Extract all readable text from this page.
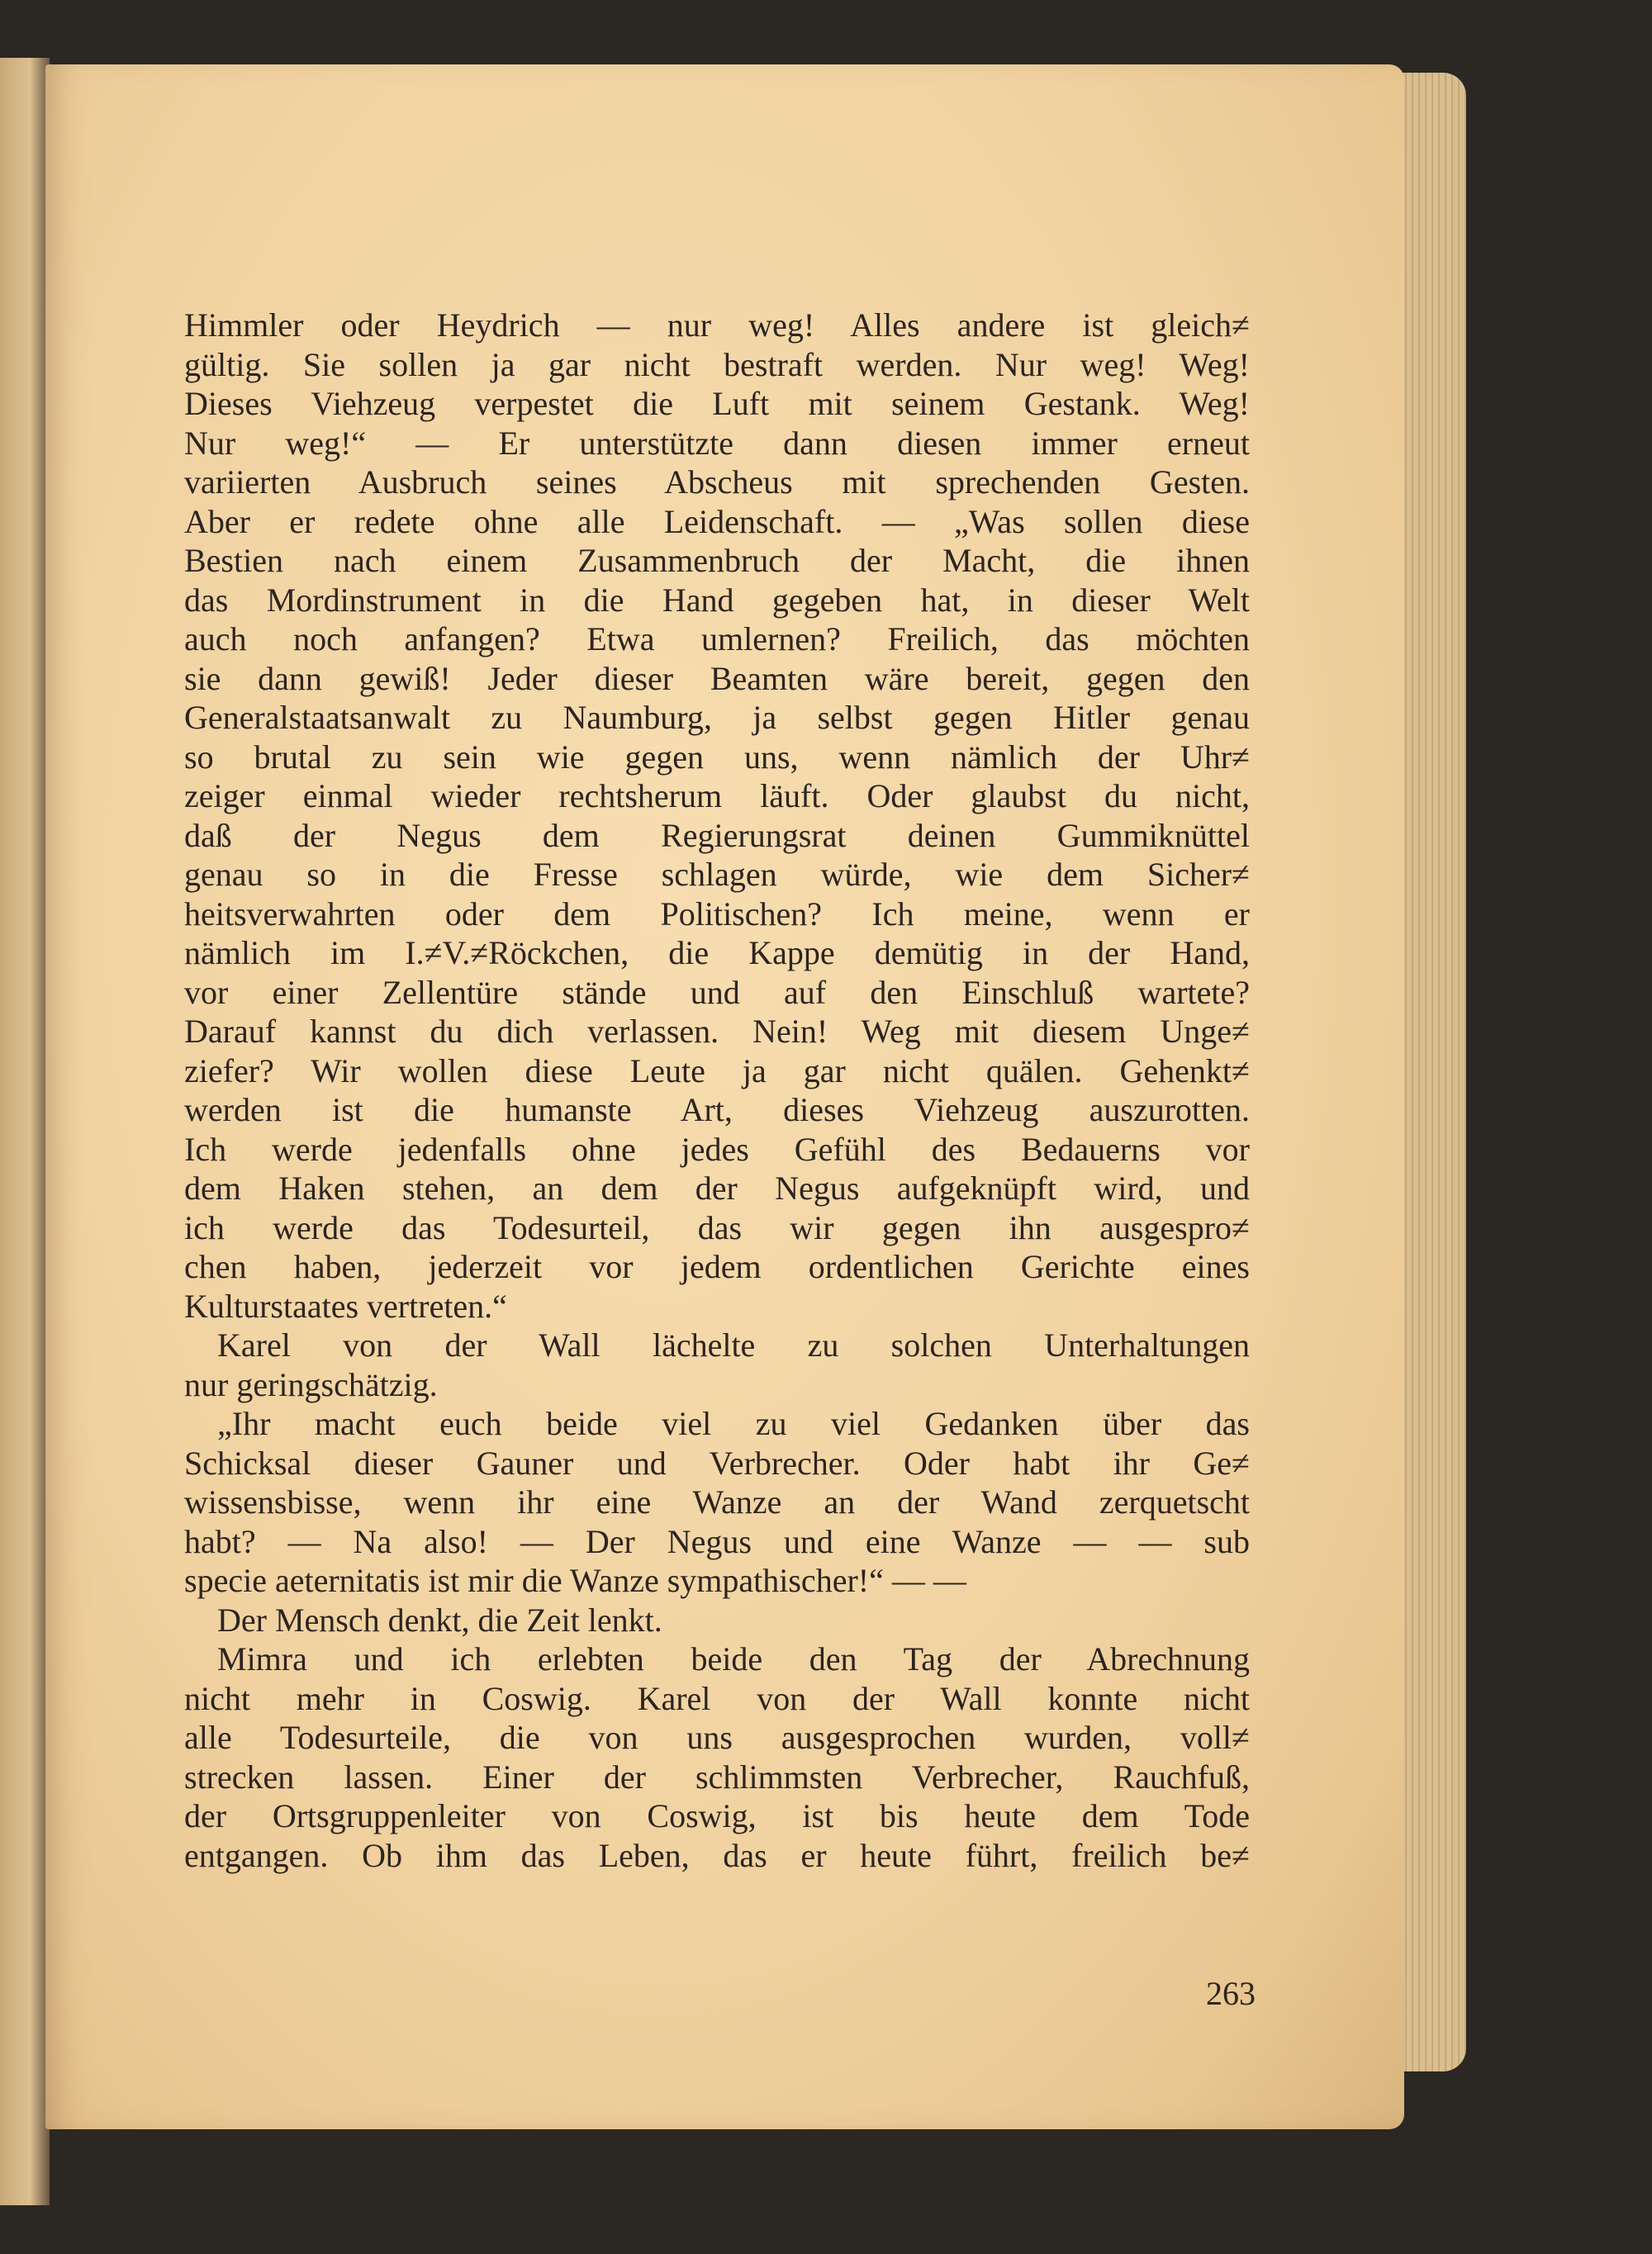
Himmler oder Heydrich — nur weg! Alles andere ist gleich≠
gültig. Sie sollen ja gar nicht bestraft werden. Nur weg! Weg!
Dieses Viehzeug verpestet die Luft mit seinem Gestank. Weg!
Nur weg!“ — Er unterstützte dann diesen immer erneut
variierten Ausbruch seines Abscheus mit sprechenden Gesten.
Aber er redete ohne alle Leidenschaft. — „Was sollen diese
Bestien nach einem Zusammenbruch der Macht, die ihnen
das Mordinstrument in die Hand gegeben hat, in dieser Welt
auch noch anfangen? Etwa umlernen? Freilich, das möchten
sie dann gewiß! Jeder dieser Beamten wäre bereit, gegen den
Generalstaatsanwalt zu Naumburg, ja selbst gegen Hitler genau
so brutal zu sein wie gegen uns, wenn nämlich der Uhr≠
zeiger einmal wieder rechtsherum läuft. Oder glaubst du nicht,
daß der Negus dem Regierungsrat deinen Gummiknüttel
genau so in die Fresse schlagen würde, wie dem Sicher≠
heitsverwahrten oder dem Politischen? Ich meine, wenn er
nämlich im I.≠V.≠Röckchen, die Kappe demütig in der Hand,
vor einer Zellentüre stände und auf den Einschluß wartete?
Darauf kannst du dich verlassen. Nein! Weg mit diesem Unge≠
ziefer? Wir wollen diese Leute ja gar nicht quälen. Gehenkt≠
werden ist die humanste Art, dieses Viehzeug auszurotten.
Ich werde jedenfalls ohne jedes Gefühl des Bedauerns vor
dem Haken stehen, an dem der Negus aufgeknüpft wird, und
ich werde das Todesurteil, das wir gegen ihn ausgespro≠
chen haben, jederzeit vor jedem ordentlichen Gerichte eines
Kulturstaates vertreten.“
Karel von der Wall lächelte zu solchen Unterhaltungen
nur geringschätzig.
„Ihr macht euch beide viel zu viel Gedanken über das
Schicksal dieser Gauner und Verbrecher. Oder habt ihr Ge≠
wissensbisse, wenn ihr eine Wanze an der Wand zerquetscht
habt? — Na also! — Der Negus und eine Wanze — — sub
specie aeternitatis ist mir die Wanze sympathischer!“ — —
Der Mensch denkt, die Zeit lenkt.
Mimra und ich erlebten beide den Tag der Abrechnung
nicht mehr in Coswig. Karel von der Wall konnte nicht
alle Todesurteile, die von uns ausgesprochen wurden, voll≠
strecken lassen. Einer der schlimmsten Verbrecher, Rauchfuß,
der Ortsgruppenleiter von Coswig, ist bis heute dem Tode
entgangen. Ob ihm das Leben, das er heute führt, freilich be≠
263
